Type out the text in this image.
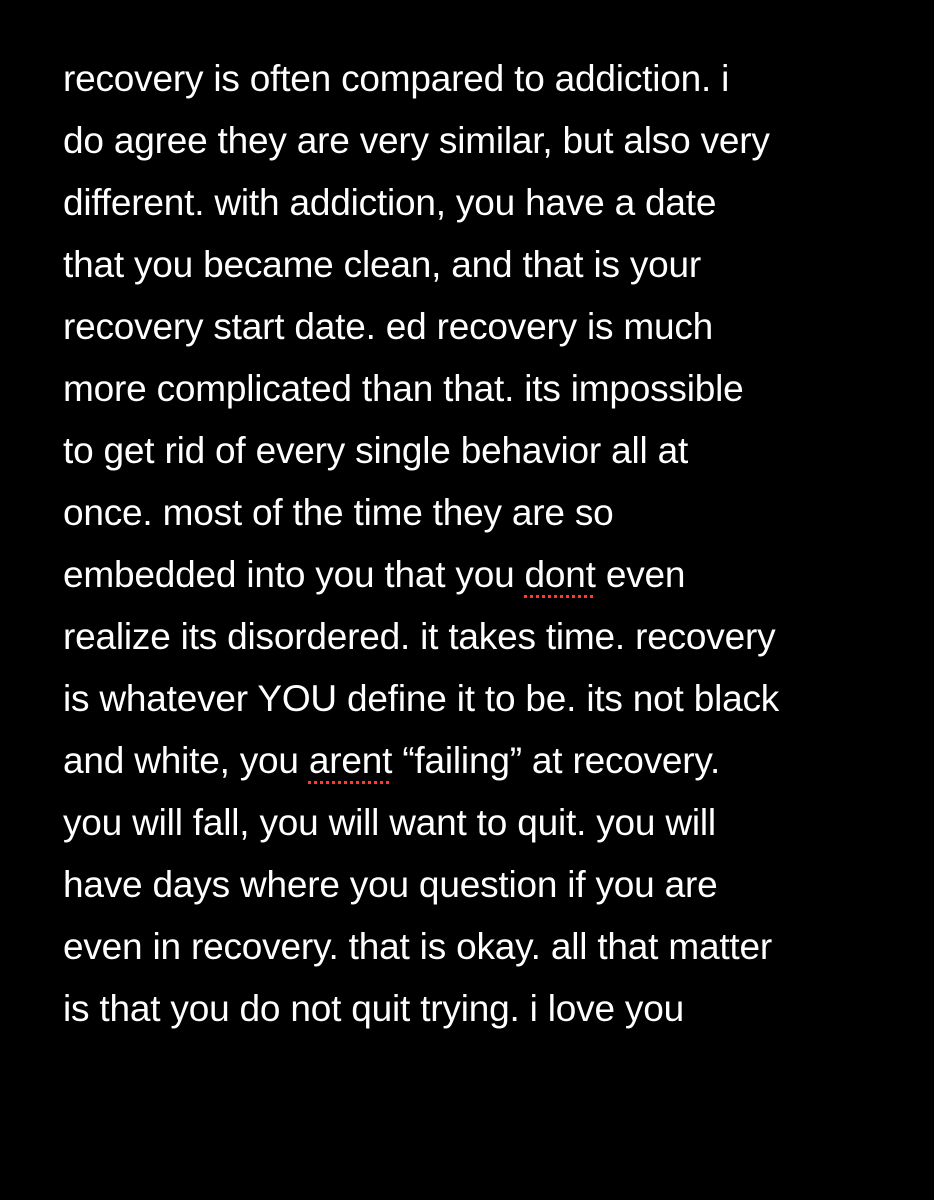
recovery is often compared to addiction. i
do agree they are very similar, but also very
different. with addiction, you have a date
that you became clean, and that is your
recovery start date. ed recovery is much
more complicated than that. its impossible
to get rid of every single behavior all at
once. most of the time they are so
embedded into you that you dont even
realize its disordered. it takes time. recovery
is whatever YOU define it to be. its not black
and white, you arent “failing” at recovery.
you will fall, you will want to quit. you will
have days where you question if you are
even in recovery. that is okay. all that matter
is that you do not quit trying. i love you
